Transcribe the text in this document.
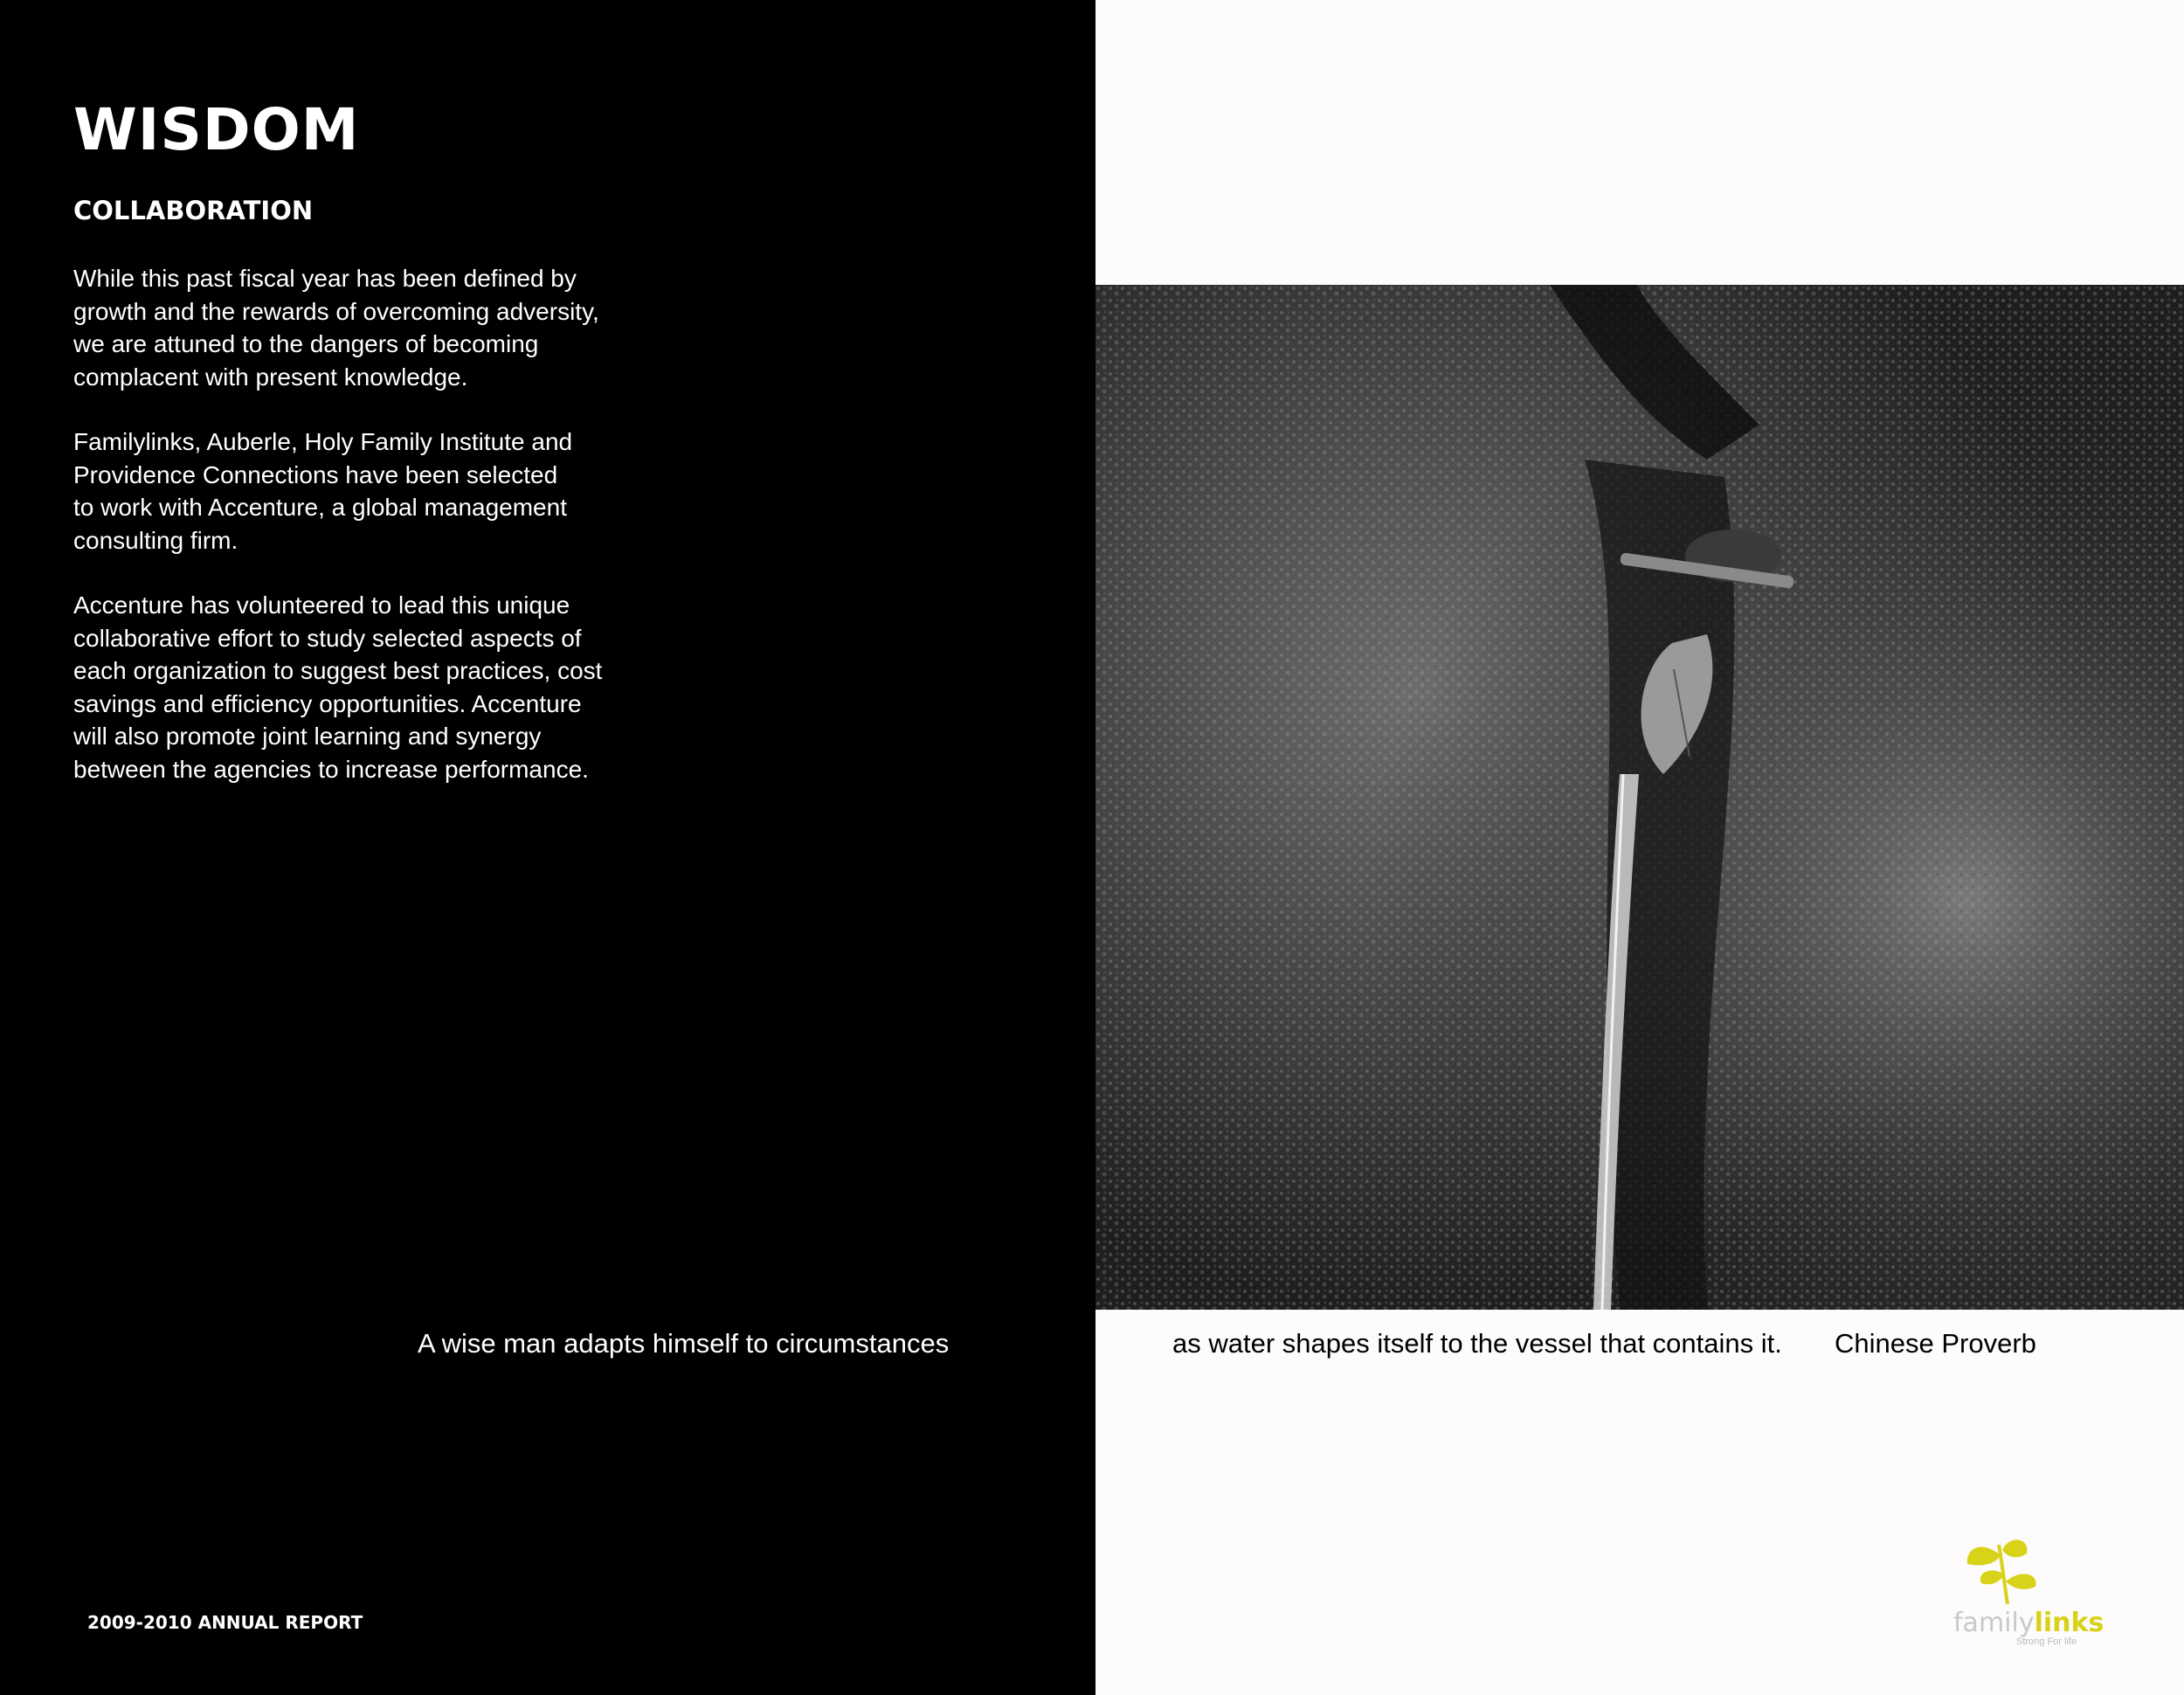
WISDOM
COLLABORATION

While this past fiscal year has been defined by
growth and the rewards of overcoming adversity,
we are attuned to the dangers of becoming
complacent with present knowledge.

Familylinks, Auberle, Holy Family Institute and
Providence Connections have been selected
to work with Accenture, a global management
consulting firm.

Accenture has volunteered to lead this unique
collaborative effort to study selected aspects of
each organization to suggest best practices, cost
savings and efficiency opportunities. Accenture
will also promote joint learning and synergy
between the agencies to increase performance.

2009-2010 ANNUAL REPORT
A wise man adapts himself to circumstances	as water shapes itself to the vessel that contains it. Chinese Proverb
familylinks
Strong For life
